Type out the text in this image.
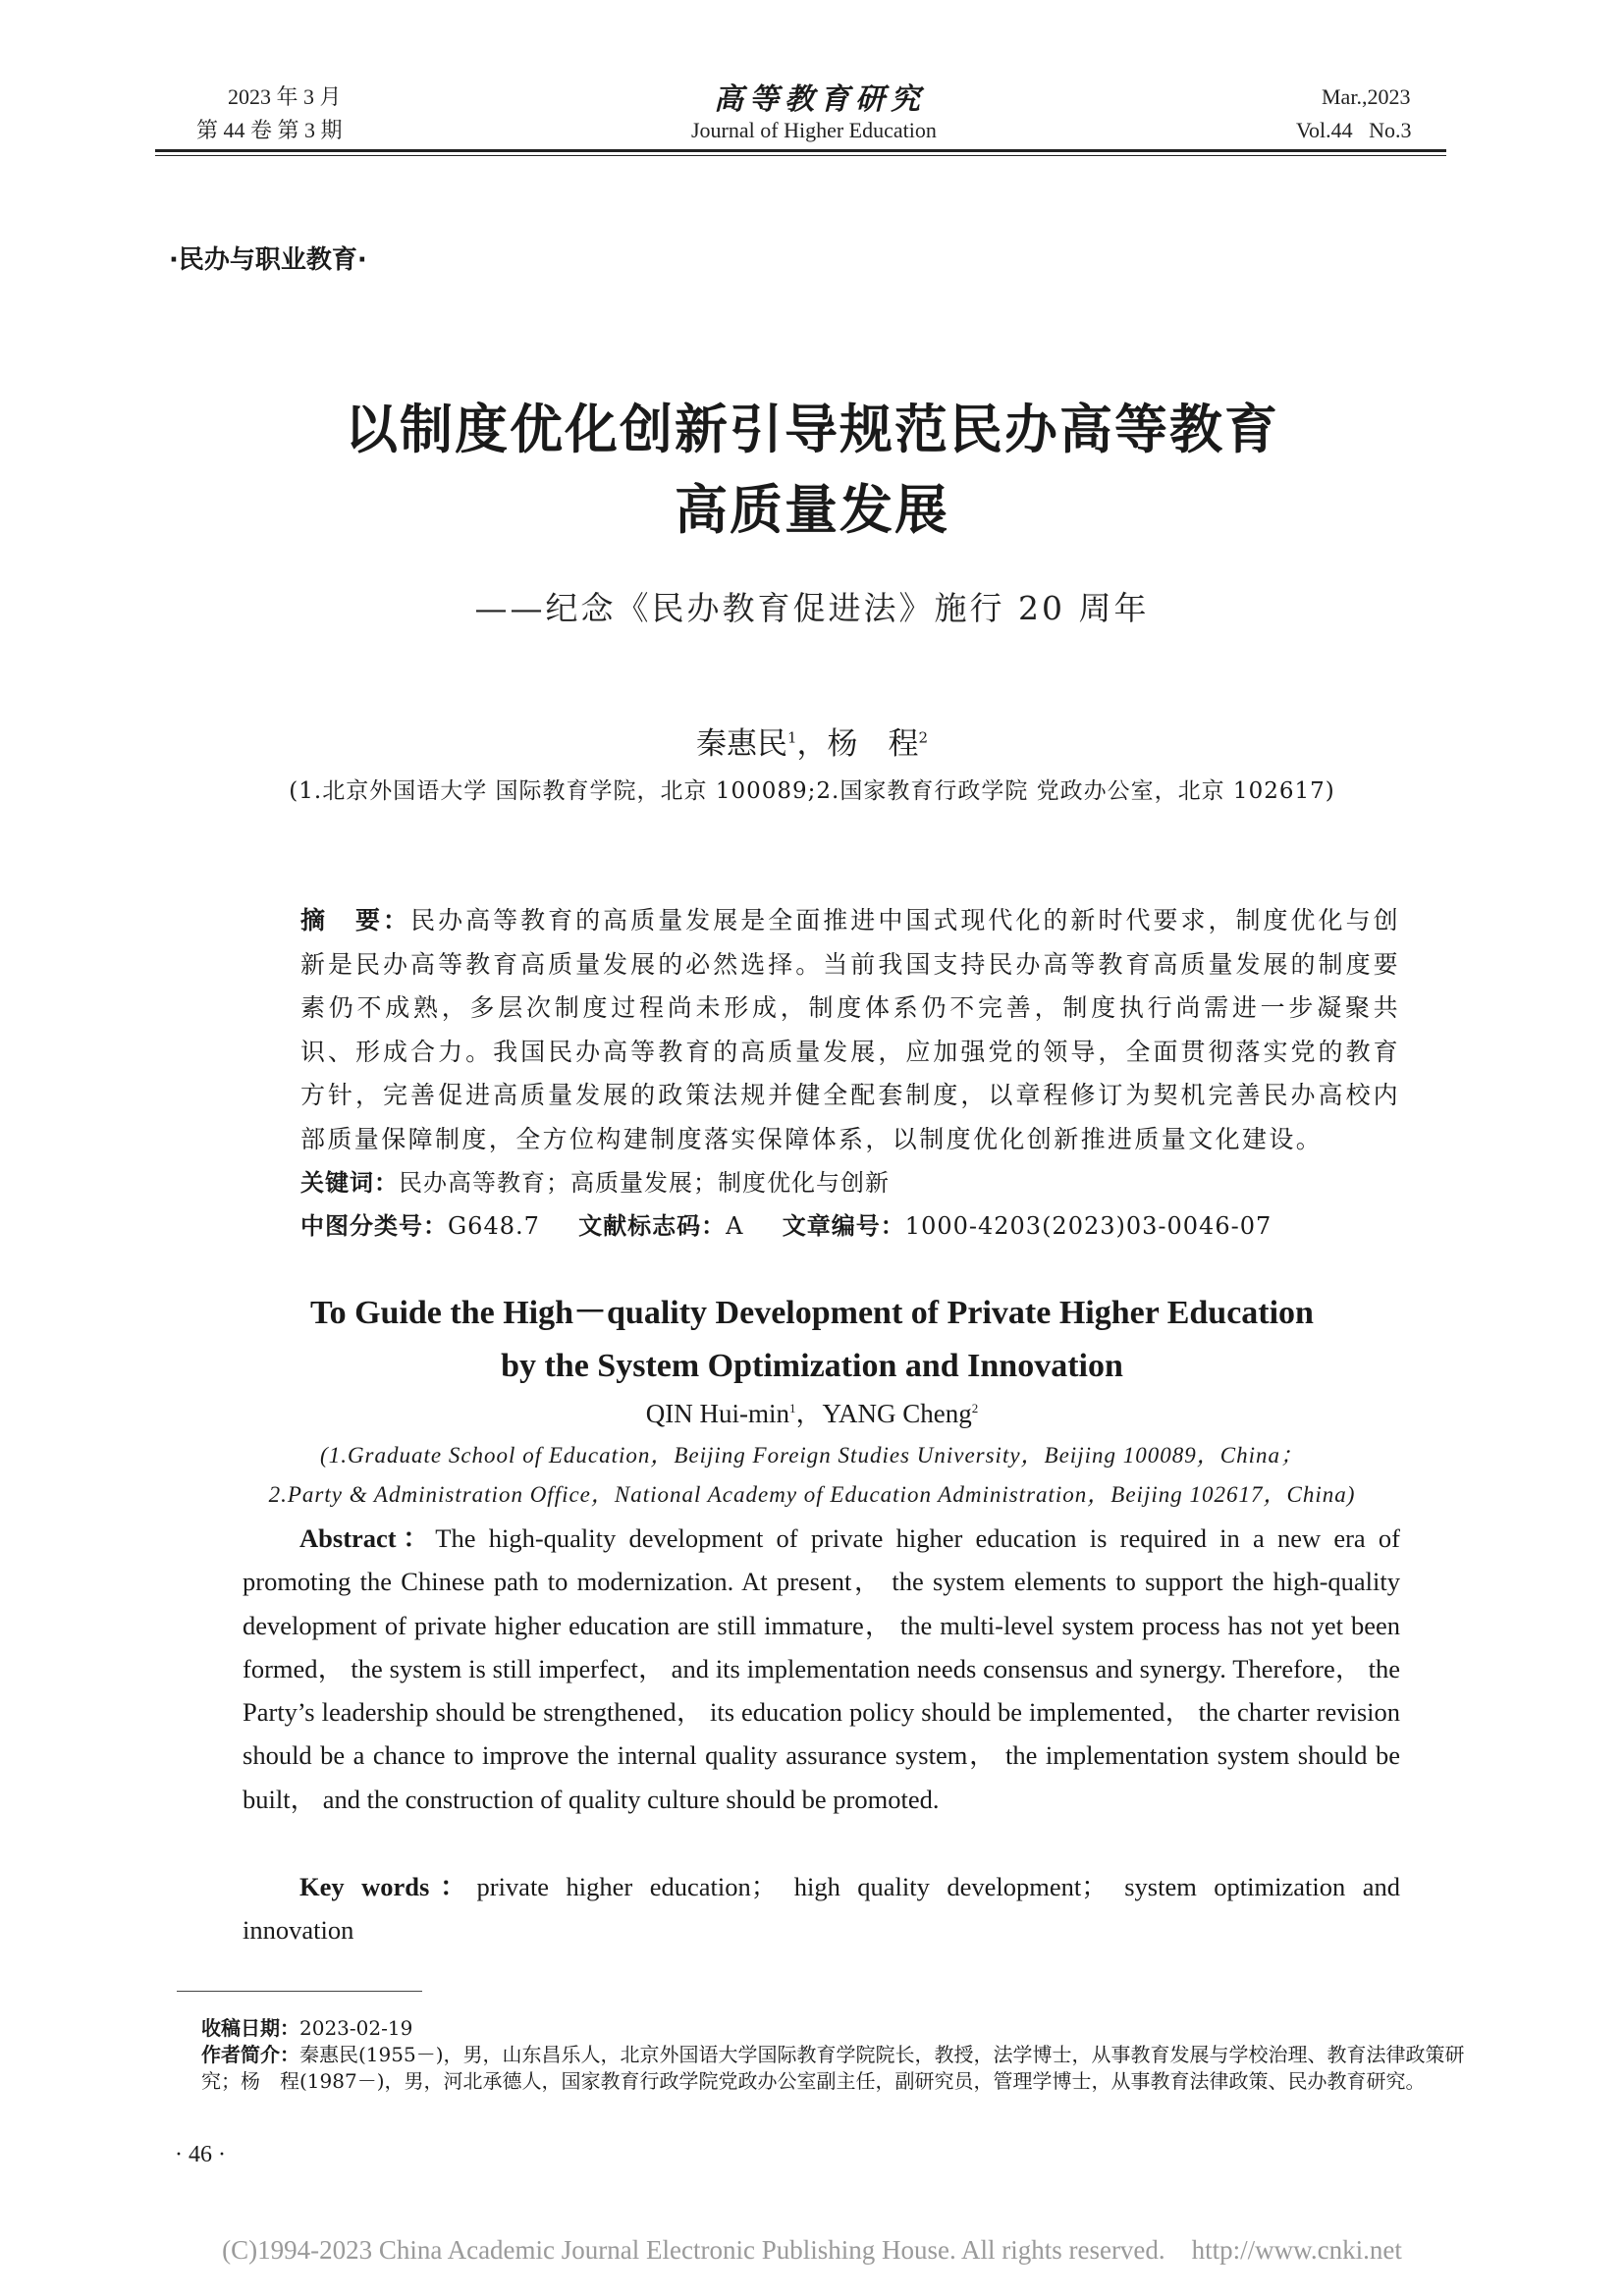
2023 年 3 月
第 44 卷 第 3 期
高等教育研究
Journal of Higher Education
Mar.,2023
Vol.44   No.3
·民办与职业教育·
以制度优化创新引导规范民办高等教育
高质量发展
——纪念《民办教育促进法》施行 20 周年
秦惠民$^1$，杨　程$^2$
(1.北京外国语大学 国际教育学院，北京 100089;2.国家教育行政学院 党政办公室，北京 102617)
摘　要：民办高等教育的高质量发展是全面推进中国式现代化的新时代要求，制度优化与创新是民办高等教育高质量发展的必然选择。当前我国支持民办高等教育高质量发展的制度要素仍不成熟，多层次制度过程尚未形成，制度体系仍不完善，制度执行尚需进一步凝聚共识、形成合力。我国民办高等教育的高质量发展，应加强党的领导，全面贯彻落实党的教育方针，完善促进高质量发展的政策法规并健全配套制度，以章程修订为契机完善民办高校内部质量保障制度，全方位构建制度落实保障体系，以制度优化创新推进质量文化建设。
关键词：民办高等教育；高质量发展；制度优化与创新
中图分类号：G648.7 文献标志码：A 文章编号：1000-4203(2023)03-0046-07
To Guide the High－quality Development of Private Higher Education
by the System Optimization and Innovation
QIN Hui-$\min^1$，YANG Cheng$^2$
(1.Graduate School of Education，Beijing Foreign Studies University，Beijing 100089，China；
2.Party & Administration Office，National Academy of Education Administration，Beijing 102617，China)
Abstract：The high-quality development of private higher education is required in a new era of promoting the Chinese path to modernization. At present， the system elements to support the high-quality development of private higher education are still immature， the multi-level system process has not yet been formed， the system is still imperfect， and its implementation needs consensus and synergy. Therefore， the Party’s leadership should be strengthened， its education policy should be implemented， the charter revision should be a chance to improve the internal quality assurance system， the implementation system should be built， and the construction of quality culture should be promoted.
Key words：private higher education； high quality development； system optimization and innovation
收稿日期：2023-02-19
作者简介：秦惠民(1955－)，男，山东昌乐人，北京外国语大学国际教育学院院长，教授，法学博士，从事教育发展与学校治理、教育法律政策研究；杨　程(1987－)，男，河北承德人，国家教育行政学院党政办公室副主任，副研究员，管理学博士，从事教育法律政策、民办教育研究。
· 46 ·
(C)1994-2023 China Academic Journal Electronic Publishing House. All rights reserved.    http://www.cnki.net
